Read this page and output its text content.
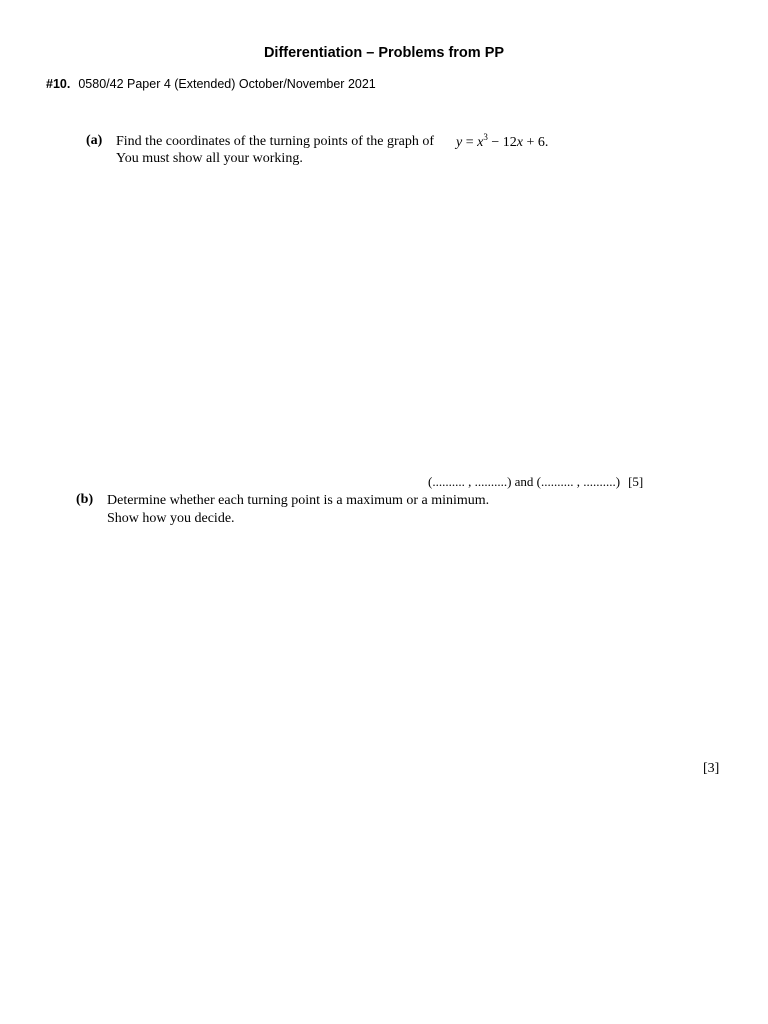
Differentiation – Problems from PP
#10. 0580/42 Paper 4 (Extended) October/November 2021
(a) Find the coordinates of the turning points of the graph of $y = x^3 - 12x + 6$.
You must show all your working.
(.......... , ..........) and (.......... , ..........) [5]
(b) Determine whether each turning point is a maximum or a minimum.
Show how you decide.
[3]
